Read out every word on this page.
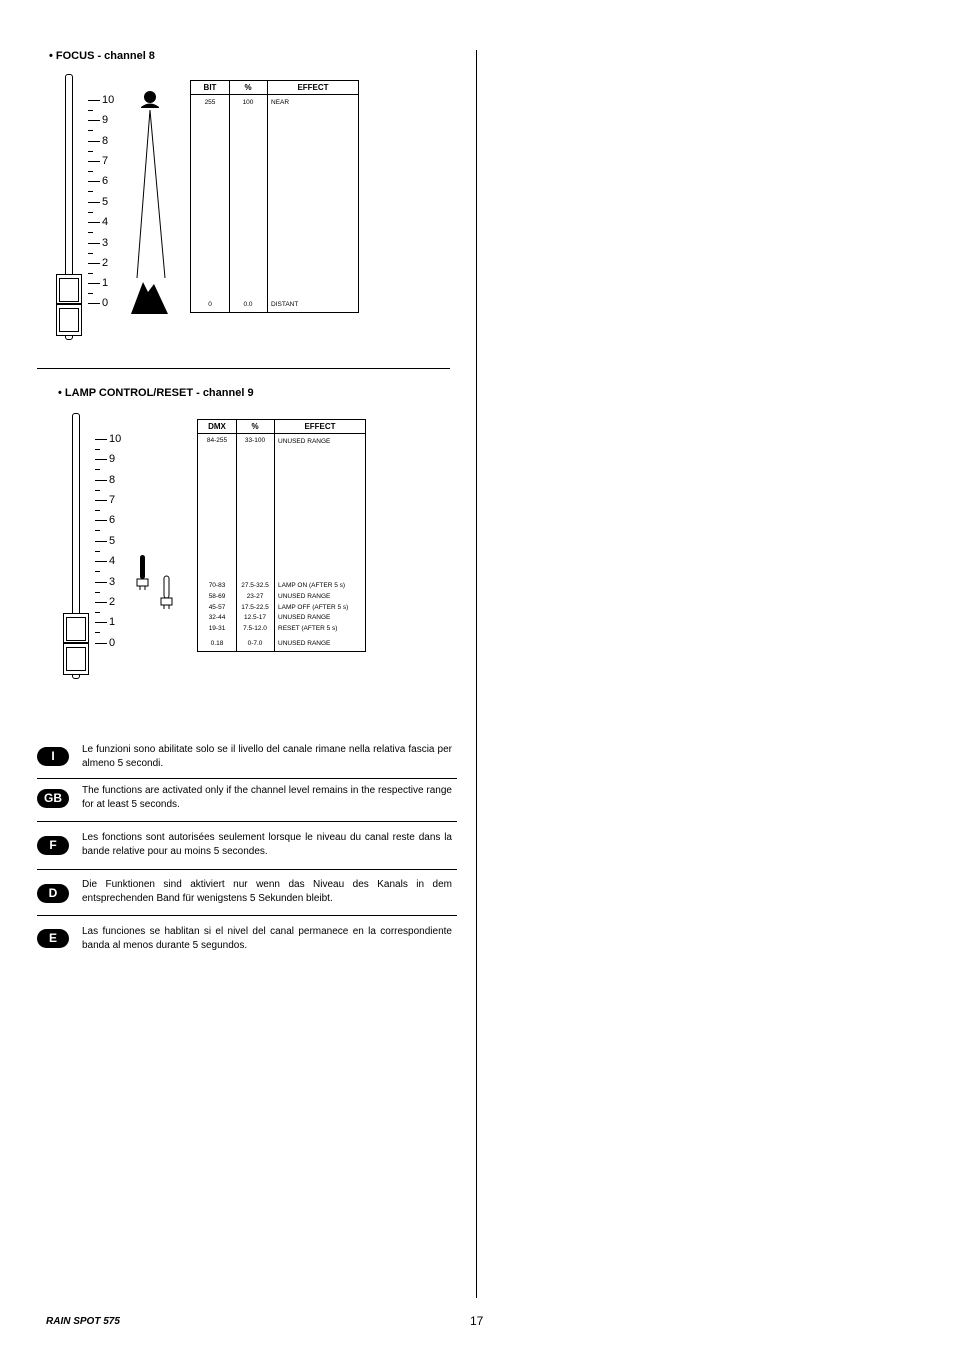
• FOCUS - channel 8
10
9
8
7
6
5
4
3
2
1
0
BIT	%	EFFECT
255	100	NEAR
0	0.0	DISTANT
• LAMP CONTROL/RESET - channel 9
10
9
8
7
6
5
4
3
2
1
0
DMX	%	EFFECT
84-255	33-100	UNUSED RANGE
70-83	27.5-32.5	LAMP ON (AFTER 5 s)
58-69	23-27	UNUSED RANGE
45-57	17.5-22.5	LAMP OFF (AFTER 5 s)
32-44	12.5-17	UNUSED RANGE
19-31	7.5-12.0	RESET (AFTER 5 s)
0.18	0-7.0	UNUSED RANGE
I	Le funzioni sono abilitate solo se il livello del canale rimane nella relativa fascia per almeno 5 secondi.
GB
The functions are activated only if the channel level remains in the respective range for at least 5 seconds.
F
Les fonctions sont autorisées seulement lorsque le niveau du canal reste dans la bande relative pour au moins 5 secondes.
D
Die Funktionen sind aktiviert nur wenn das Niveau des Kanals in dem entsprechenden Band für wenigstens 5 Sekunden bleibt.
E	Las funciones se hablitan si el nivel del canal permanece en la correspondiente banda al menos durante 5 segundos.
RAIN SPOT 575	17
